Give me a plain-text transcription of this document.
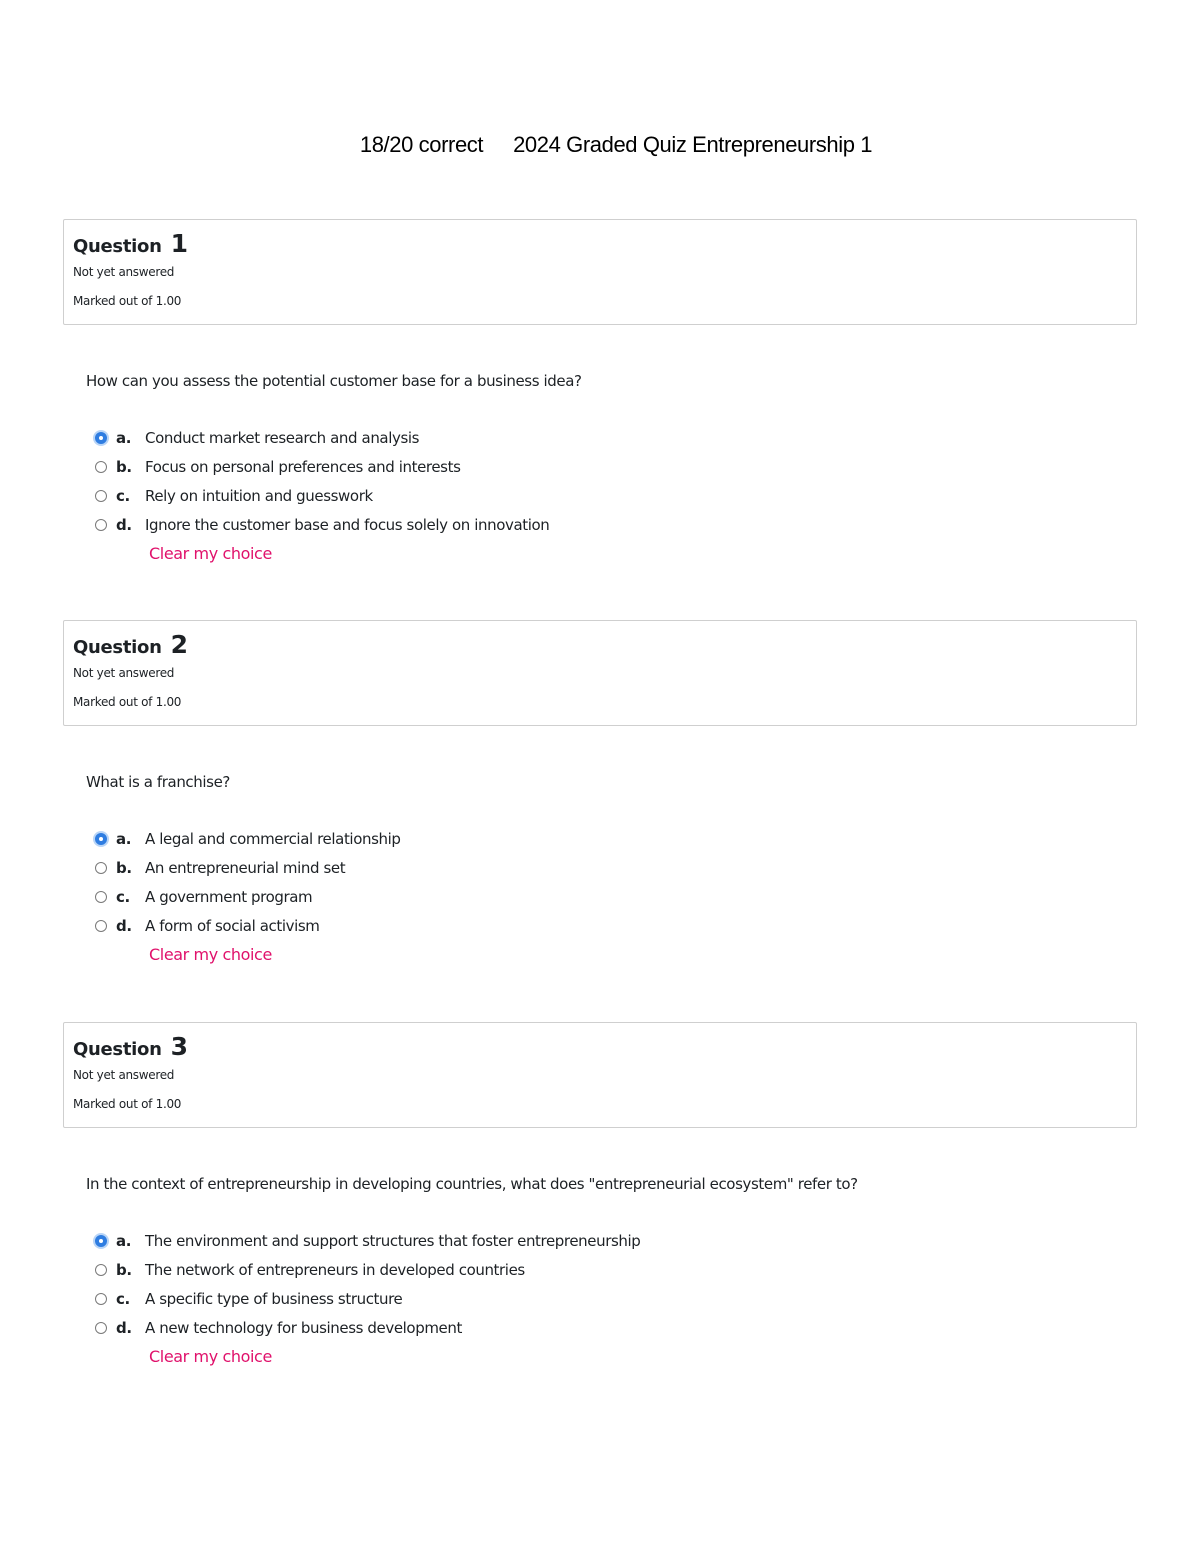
18/20 correct 2024 Graded Quiz Entrepreneurship 1
Question 1
Not yet answered
Marked out of 1.00
How can you assess the potential customer base for a business idea?
a. Conduct market research and analysis
b. Focus on personal preferences and interests
c.	Rely on intuition and guesswork
d. Ignore the customer base and focus solely on innovation
Clear my choice
Question 2
Not yet answered
Marked out of 1.00
What is a franchise?
a. A legal and commercial relationship
b. An entrepreneurial mind set
c.	A government program
d. A form of social activism
Clear my choice
Question 3
Not yet answered
Marked out of 1.00
In the context of entrepreneurship in developing countries, what does "entrepreneurial ecosystem" refer to?
a. The environment and support structures that foster entrepreneurship
b. The network of entrepreneurs in developed countries
c.	A specific type of business structure
d. A new technology for business development
Clear my choice
